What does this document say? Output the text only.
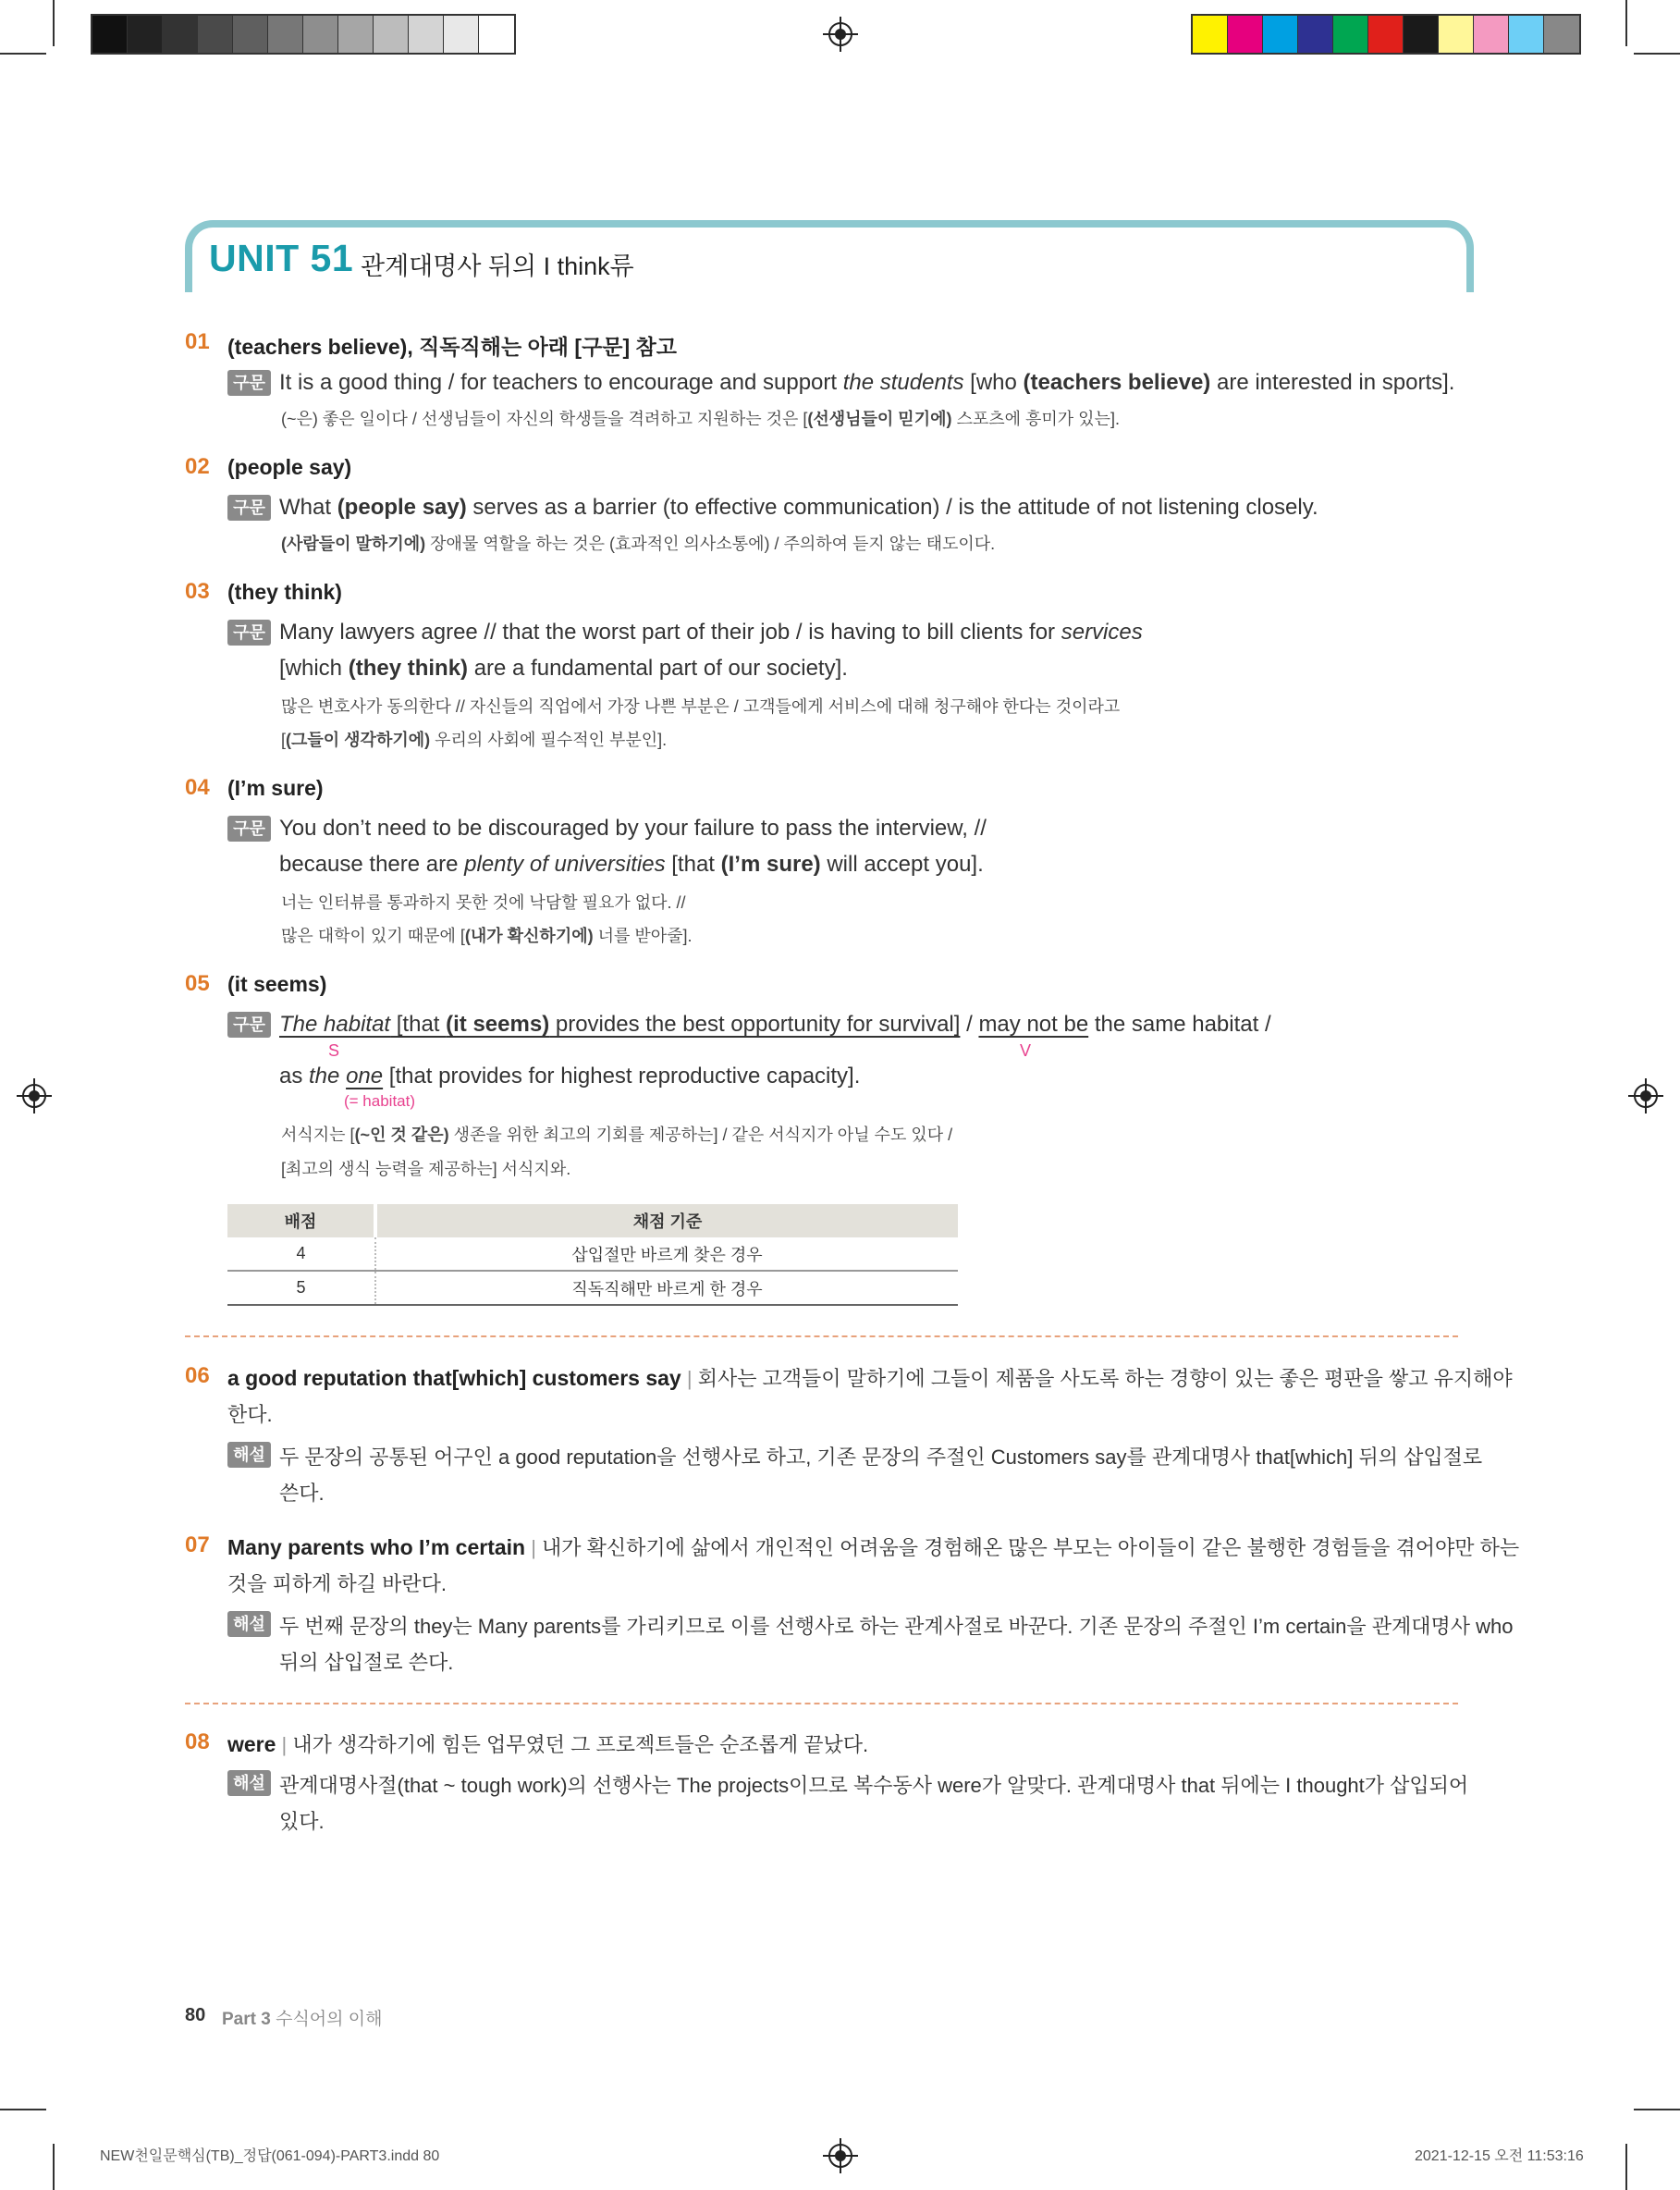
UNIT 51 관계대명사 뒤의 I think류
01 (teachers believe), 직독직해는 아래 [구문] 참고
구문 It is a good thing / for teachers to encourage and support the students [who (teachers believe) are interested in sports].
(~은) 좋은 일이다 / 선생님들이 자신의 학생들을 격려하고 지원하는 것은 [(선생님들이 믿기에) 스포츠에 흥미가 있는].
02 (people say)
구문 What (people say) serves as a barrier (to effective communication) / is the attitude of not listening closely.
(사람들이 말하기에) 장애물 역할을 하는 것은 (효과적인 의사소통에) / 주의하여 듣지 않는 태도이다.
03 (they think)
구문 Many lawyers agree // that the worst part of their job / is having to bill clients for services
[which (they think) are a fundamental part of our society].
많은 변호사가 동의한다 // 자신들의 직업에서 가장 나쁜 부분은 / 고객들에게 서비스에 대해 청구해야 한다는 것이라고
[(그들이 생각하기에) 우리의 사회에 필수적인 부분인].
04 (I’m sure)
구문 You don’t need to be discouraged by your failure to pass the interview, //
because there are plenty of universities [that (I’m sure) will accept you].
너는 인터뷰를 통과하지 못한 것에 낙담할 필요가 없다. //
많은 대학이 있기 때문에 [(내가 확신하기에) 너를 받아줄].
05 (it seems)
구문 The habitat [that (it seems) provides the best opportunity for survival] / may not be the same habitat /
S	V
as the one [that provides for highest reproductive capacity].
(= habitat)
서식지는 [(~인 것 같은) 생존을 위한 최고의 기회를 제공하는] / 같은 서식지가 아닐 수도 있다 /
[최고의 생식 능력을 제공하는] 서식지와.
배점	채점 기준
4	삽입절만 바르게 찾은 경우
5	직독직해만 바르게 한 경우
06 a good reputation that[which] customers say | 회사는 고객들이 말하기에 그들이 제품을 사도록 하는 경향이 있는 좋은 평판을 쌓고 유지해야
한다.
해설 두 문장의 공통된 어구인 a good reputation을 선행사로 하고, 기존 문장의 주절인 Customers say를 관계대명사 that[which] 뒤의 삽입절로
쓴다.
07 Many parents who I’m certain | 내가 확신하기에 삶에서 개인적인 어려움을 경험해온 많은 부모는 아이들이 같은 불행한 경험들을 겪어야만 하는
것을 피하게 하길 바란다.
해설 두 번째 문장의 they는 Many parents를 가리키므로 이를 선행사로 하는 관계사절로 바꾼다. 기존 문장의 주절인 I’m certain을 관계대명사 who
뒤의 삽입절로 쓴다.
08 were | 내가 생각하기에 힘든 업무였던 그 프로젝트들은 순조롭게 끝났다.
해설 관계대명사절(that ~ tough work)의 선행사는 The projects이므로 복수동사 were가 알맞다. 관계대명사 that 뒤에는 I thought가 삽입되어
있다.
80 Part 3 수식어의 이해
NEW천일문핵심(TB)_정답(061-094)-PART3.indd 80	2021-12-15 오전 11:53:16
